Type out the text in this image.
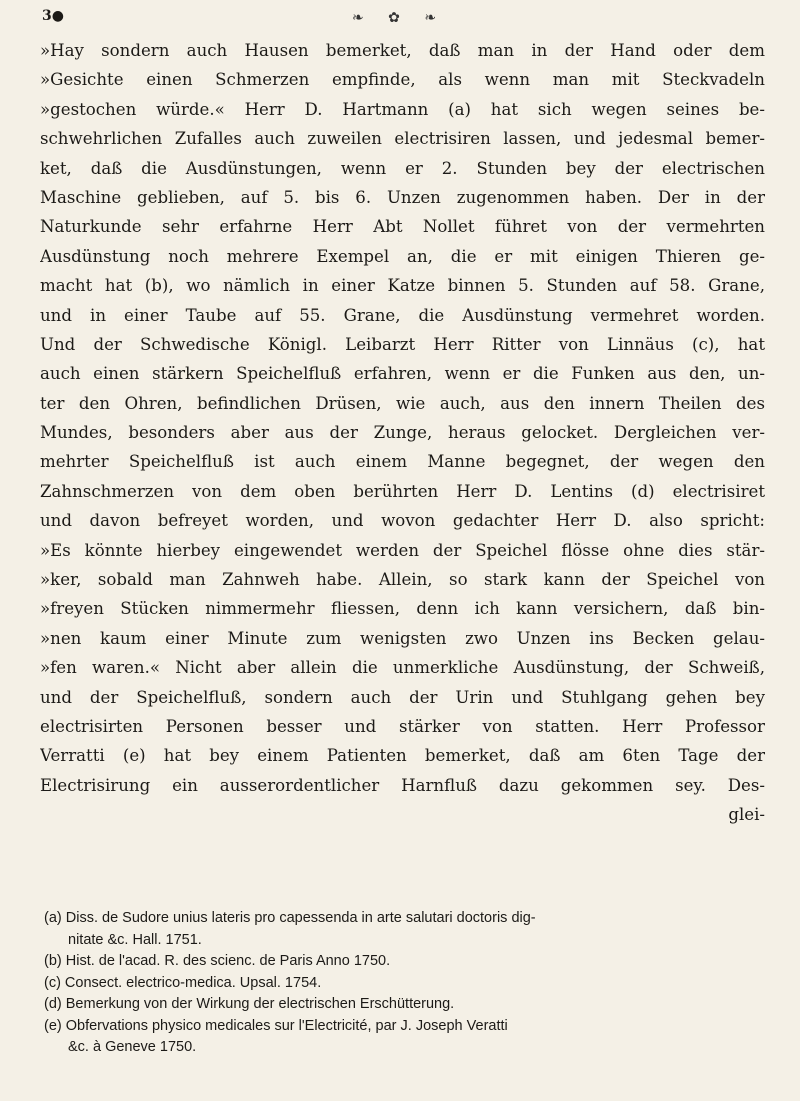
3●	❧ ✿ ❧
»Hay sondern auch Hausen bemerket, daß man in der Hand oder dem
»Gesichte einen Schmerzen empfinde, als wenn man mit Steckvadeln
»gestochen würde.« Herr D. Hartmann (a) hat sich wegen seines be-
schwehrlichen Zufalles auch zuweilen electrisiren lassen, und jedesmal bemer-
ket, daß die Ausdünstungen, wenn er 2. Stunden bey der electrischen
Maschine geblieben, auf 5. bis 6. Unzen zugenommen haben. Der in der
Naturkunde sehr erfahrne Herr Abt Nollet führet von der vermehrten
Ausdünstung noch mehrere Exempel an, die er mit einigen Thieren ge-
macht hat (b), wo nämlich in einer Katze binnen 5. Stunden auf 58. Grane,
und in einer Taube auf 55. Grane, die Ausdünstung vermehret worden.
Und der Schwedische Königl. Leibarzt Herr Ritter von Linnäus (c), hat
auch einen stärkern Speichelfluß erfahren, wenn er die Funken aus den, un-
ter den Ohren, befindlichen Drüsen, wie auch, aus den innern Theilen des
Mundes, besonders aber aus der Zunge, heraus gelocket. Dergleichen ver-
mehrter Speichelfluß ist auch einem Manne begegnet, der wegen den
Zahnschmerzen von dem oben berührten Herr D. Lentins (d) electrisiret
und davon befreyet worden, und wovon gedachter Herr D. also spricht:
»Es könnte hierbey eingewendet werden der Speichel flösse ohne dies stär-
»ker, sobald man Zahnweh habe. Allein, so stark kann der Speichel von
»freyen Stücken nimmermehr fliessen, denn ich kann versichern, daß bin-
»nen kaum einer Minute zum wenigsten zwo Unzen ins Becken gelau-
»fen waren.« Nicht aber allein die unmerkliche Ausdünstung, der Schweiß,
und der Speichelfluß, sondern auch der Urin und Stuhlgang gehen bey
electrisirten Personen besser und stärker von statten. Herr Professor
Verratti (e) hat bey einem Patienten bemerket, daß am 6ten Tage der
Electrisirung ein ausserordentlicher Harnfluß dazu gekommen sey. Des-
glei-
(a) Diss. de Sudore unius lateris pro capessenda in arte salutari doctoris dig-
nitate &c. Hall. 1751.
(b) Hist. de l'acad. R. des scienc. de Paris Anno 1750.
(c) Consect. electrico-medica. Upsal. 1754.
(d) Bemerkung von der Wirkung der electrischen Erschütterung.
(e) Obfervations physico medicales sur l'Electricité, par J. Joseph Veratti
&c. à Geneve 1750.
